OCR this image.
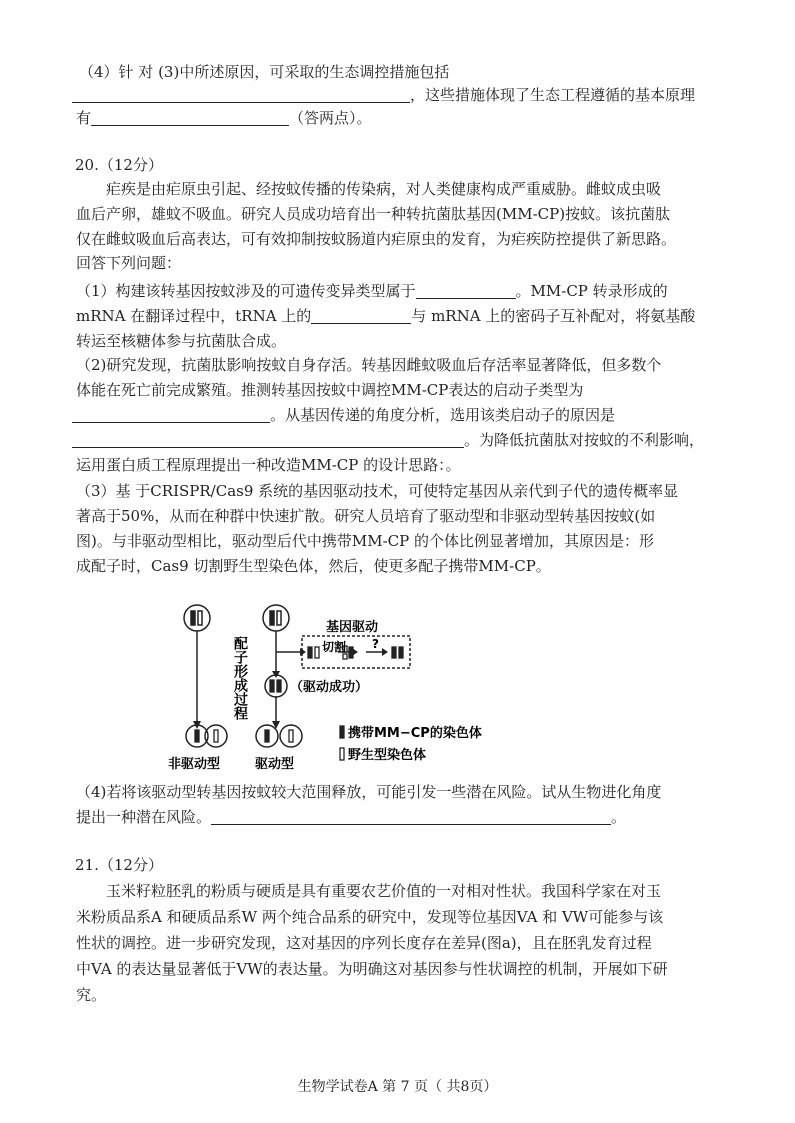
（4）针 对 (3)中所述原因，可采取的生态调控措施包括
，这些措施体现了生态工程遵循的基本原理
有	（答两点）。
20.（12分）
疟疾是由疟原虫引起、经按蚊传播的传染病，对人类健康构成严重威胁。雌蚊成虫吸
血后产卵，雄蚊不吸血。研究人员成功培育出一种转抗菌肽基因(MM-CP)按蚊。该抗菌肽
仅在雌蚊吸血后高表达，可有效抑制按蚊肠道内疟原虫的发育，为疟疾防控提供了新思路。
回答下列问题：
（1）构建该转基因按蚊涉及的可遗传变异类型属于	。MM-CP 转录形成的
mRNA 在翻译过程中，tRNA 上的	与 mRNA 上的密码子互补配对，将氨基酸
转运至核糖体参与抗菌肽合成。
（2)研究发现，抗菌肽影响按蚊自身存活。转基因雌蚊吸血后存活率显著降低，但多数个
体能在死亡前完成繁殖。推测转基因按蚊中调控MM-CP表达的启动子类型为
。从基因传递的角度分析，选用该类启动子的原因是
。为降低抗菌肽对按蚊的不利影响，
运用蛋白质工程原理提出一种改造MM-CP 的设计思路：。
（3）基 于CRISPR/Cas9 系统的基因驱动技术，可使特定基因从亲代到子代的遗传概率显
著高于50%，从而在种群中快速扩散。研究人员培育了驱动型和非驱动型转基因按蚊(如
图)。与非驱动型相比，驱动型后代中携带MM-CP 的个体比例显著增加，其原因是：形
成配子时，Cas9 切割野生型染色体，然后，使更多配子携带MM-CP。
基因驱动
切割 ?
（驱动成功）
配子形成过程
非驱动型	驱动型
携带MM−CP的染色体
野生型染色体
（4)若将该驱动型转基因按蚊较大范围释放，可能引发一些潜在风险。试从生物进化角度
提出一种潜在风险。	。
21.（12分）
玉米籽粒胚乳的粉质与硬质是具有重要农艺价值的一对相对性状。我国科学家在对玉
米粉质品系A 和硬质品系W 两个纯合品系的研究中，发现等位基因VA 和 VW可能参与该
性状的调控。进一步研究发现，这对基因的序列长度存在差异(图a)，且在胚乳发育过程
中VA 的表达量显著低于VW的表达量。为明确这对基因参与性状调控的机制，开展如下研
究。
生物学试卷A 第 7 页（ 共8页）
